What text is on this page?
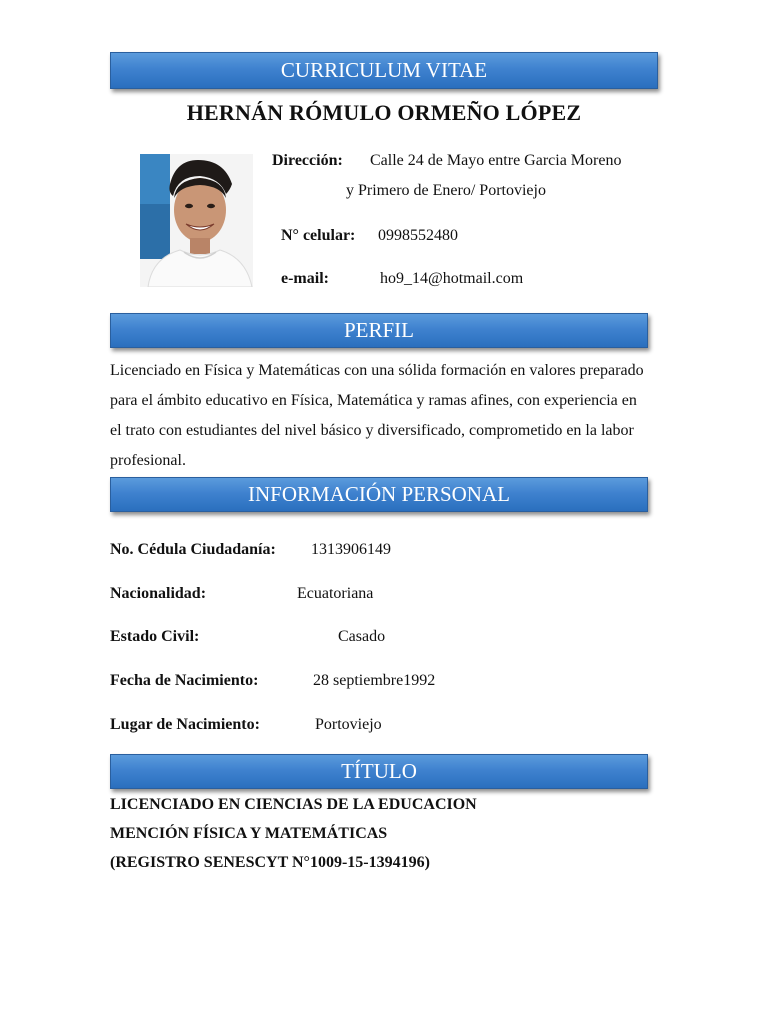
CURRICULUM VITAE
HERNÁN RÓMULO ORMEÑO LÓPEZ
Dirección: Calle 24 de Mayo entre Garcia Moreno
y Primero de Enero/ Portoviejo
N° celular: 0998552480
e-mail:	ho9_14@hotmail.com
PERFIL
Licenciado en Física y Matemáticas con una sólida formación en valores preparado para el ámbito educativo en Física, Matemática y ramas afines, con experiencia en el trato con estudiantes del nivel básico y diversificado, comprometido en la labor profesional.
INFORMACIÓN PERSONAL
No. Cédula Ciudadanía: 1313906149
Nacionalidad:	Ecuatoriana
Estado Civil:	Casado
Fecha de Nacimiento:	28 septiembre1992
Lugar de Nacimiento:	Portoviejo
TÍTULO
LICENCIADO EN CIENCIAS DE LA EDUCACION
MENCIÓN FÍSICA Y MATEMÁTICAS
(REGISTRO SENESCYT N°1009-15-1394196)
